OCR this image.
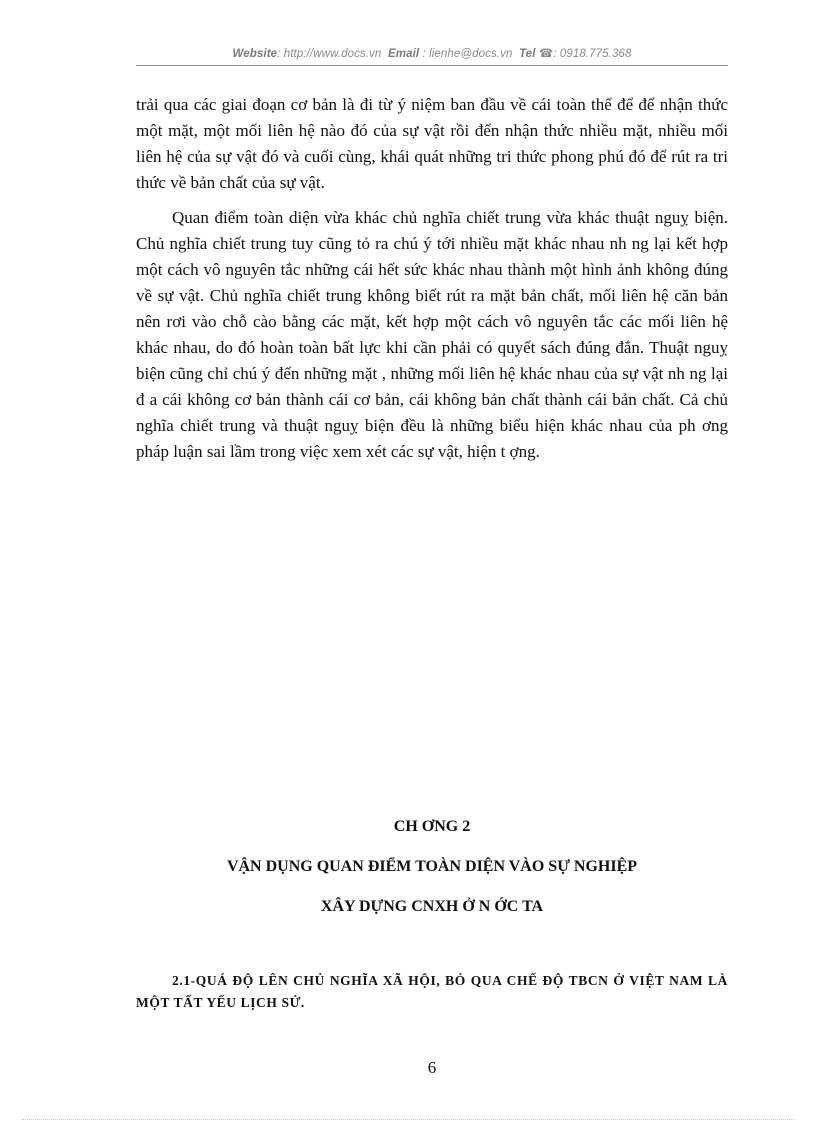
Website: http://www.docs.vn Email : lienhe@docs.vn Tel ☎: 0918.775.368

trải qua các giai đoạn cơ bản là đi từ ý niệm ban đầu về cái toàn thể để để nhận thức một mặt, một mối liên hệ nào đó của sự vật rồi đến nhận thức nhiều mặt, nhiều mối liên hệ của sự vật đó và cuối cùng, khái quát những tri thức phong phú đó để rút ra tri thức về bản chất của sự vật.

Quan điểm toàn diện vừa khác chủ nghĩa chiết trung vừa khác thuật nguỵ biện. Chủ nghĩa chiết trung tuy cũng tỏ ra chú ý tới nhiều mặt khác nhau nh ng lại kết hợp một cách vô nguyên tắc những cái hết sức khác nhau thành một hình ảnh không đúng về sự vật. Chủ nghĩa chiết trung không biết rút ra mặt bản chất, mối liên hệ căn bản nên rơi vào chỗ cào bằng các mặt, kết hợp một cách vô nguyên tắc các mối liên hệ khác nhau, do đó hoàn toàn bất lực khi cần phải có quyết sách đúng đắn. Thuật nguỵ biện cũng chỉ chú ý đến những mặt , những mối liên hệ khác nhau của sự vật nh ng lại đ a cái không cơ bản thành cái cơ bản, cái không bản chất thành cái bản chất. Cả chủ nghĩa chiết trung và thuật nguỵ biện đều là những biểu hiện khác nhau của ph ơng pháp luận sai lầm trong việc xem xét các sự vật, hiện t ợng.

CH ƠNG 2
VẬN DỤNG QUAN ĐIỂM TOÀN DIỆN VÀO SỰ NGHIỆP
XÂY DỰNG CNXH Ở N ỚC TA
2.1-QUÁ ĐỘ LÊN CHỦ NGHĨA XÃ HỘI, BỎ QUA CHẾ ĐỘ TBCN Ở VIỆT NAM LÀ MỘT TẤT YẾU LỊCH SỬ.
6
